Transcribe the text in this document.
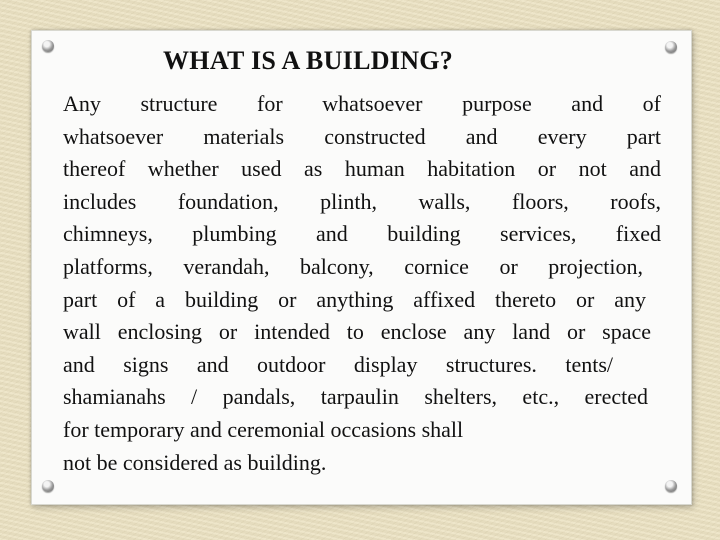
WHAT IS A BUILDING?
Any structure for whatsoever purpose and of
whatsoever materials constructed and every part
thereof whether used as human habitation or not and
includes foundation, plinth, walls, floors, roofs,
chimneys, plumbing and building services, fixed
platforms, verandah, balcony, cornice or projection,
part of a building or anything affixed thereto or any
wall enclosing or intended to enclose any land or space
and signs and outdoor display structures. tents/
shamianahs / pandals, tarpaulin shelters, etc., erected
for temporary and ceremonial occasions shall
not be considered as building.
